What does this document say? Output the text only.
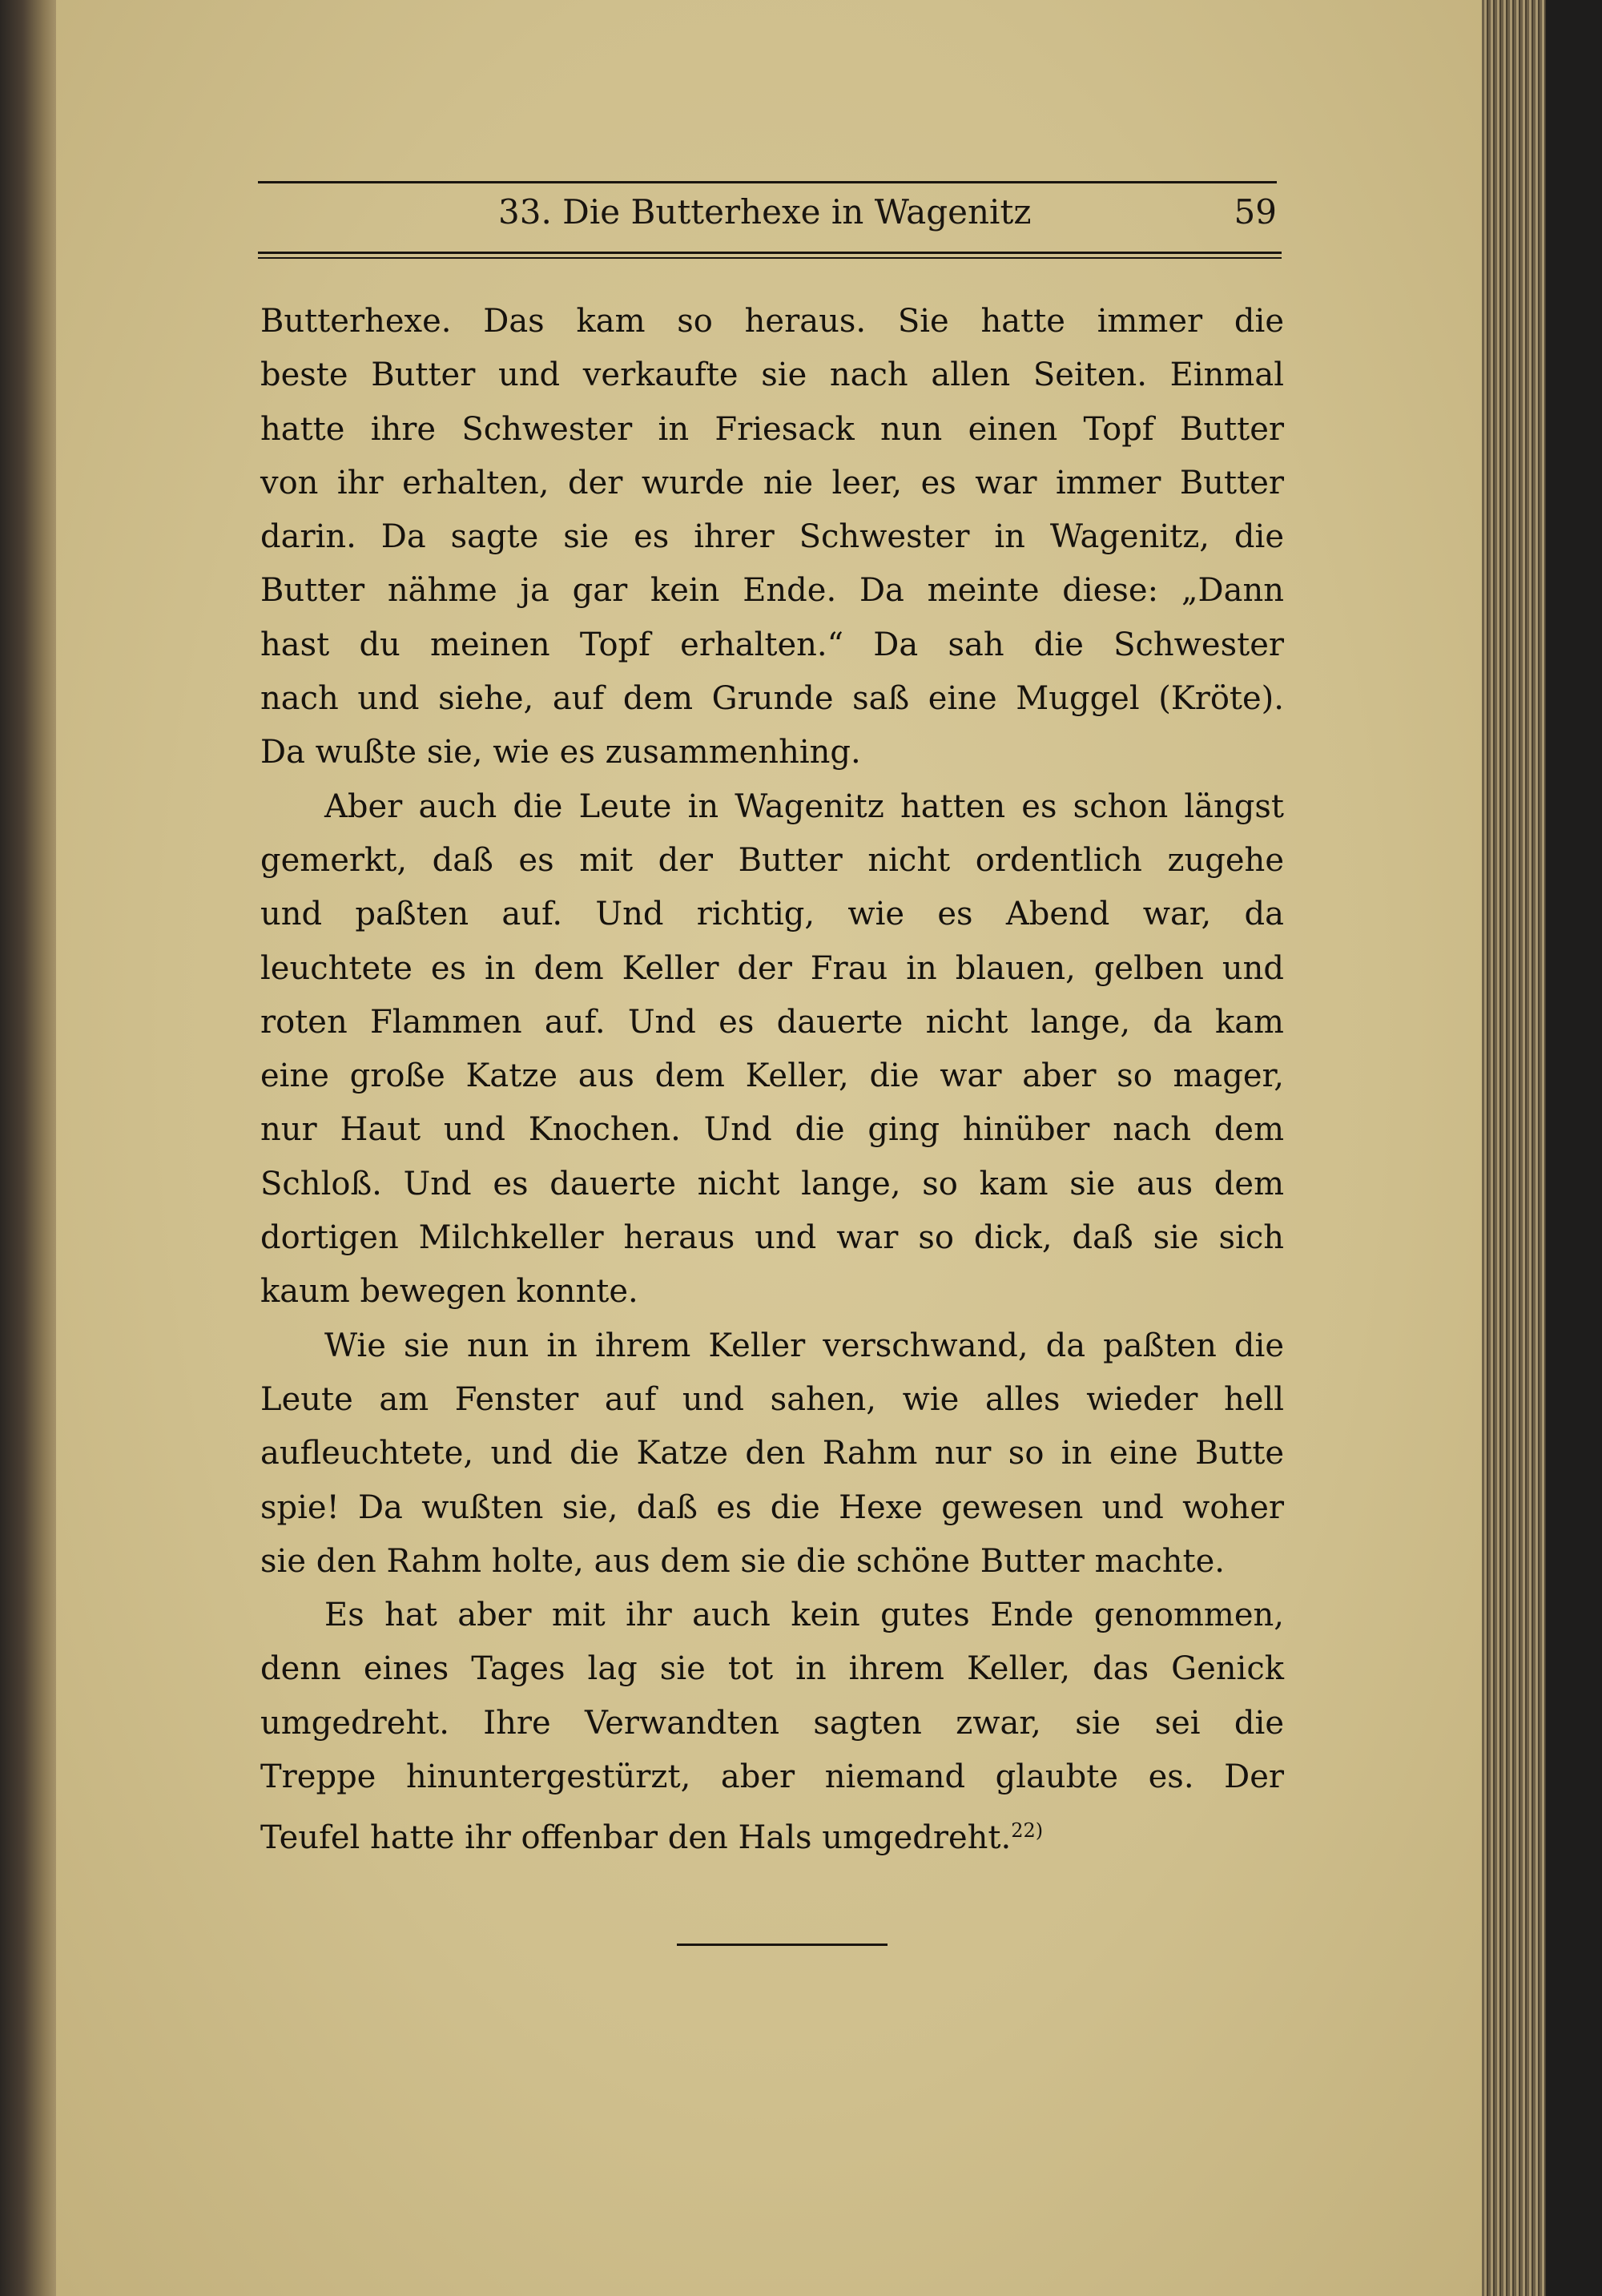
33. Die Butterhexe in Wagenitz	59
Butterhexe. Das kam so heraus. Sie hatte immer die
beste Butter und verkaufte sie nach allen Seiten. Einmal
hatte ihre Schwester in Friesack nun einen Topf Butter
von ihr erhalten, der wurde nie leer, es war immer Butter
darin. Da sagte sie es ihrer Schwester in Wagenitz, die
Butter nähme ja gar kein Ende. Da meinte diese: „Dann
hast du meinen Topf erhalten.“ Da sah die Schwester
nach und siehe, auf dem Grunde saß eine Muggel (Kröte).
Da wußte sie, wie es zusammenhing.
Aber auch die Leute in Wagenitz hatten es schon längst
gemerkt, daß es mit der Butter nicht ordentlich zugehe
und paßten auf. Und richtig, wie es Abend war, da
leuchtete es in dem Keller der Frau in blauen, gelben und
roten Flammen auf. Und es dauerte nicht lange, da kam
eine große Katze aus dem Keller, die war aber so mager,
nur Haut und Knochen. Und die ging hinüber nach dem
Schloß. Und es dauerte nicht lange, so kam sie aus dem
dortigen Milchkeller heraus und war so dick, daß sie sich
kaum bewegen konnte.
Wie sie nun in ihrem Keller verschwand, da paßten die
Leute am Fenster auf und sahen, wie alles wieder hell
aufleuchtete, und die Katze den Rahm nur so in eine Butte
spie! Da wußten sie, daß es die Hexe gewesen und woher
sie den Rahm holte, aus dem sie die schöne Butter machte.
Es hat aber mit ihr auch kein gutes Ende genommen,
denn eines Tages lag sie tot in ihrem Keller, das Genick
umgedreht. Ihre Verwandten sagten zwar, sie sei die
Treppe hinuntergestürzt, aber niemand glaubte es. Der
Teufel hatte ihr offenbar den Hals umgedreht.$^{22)}$
